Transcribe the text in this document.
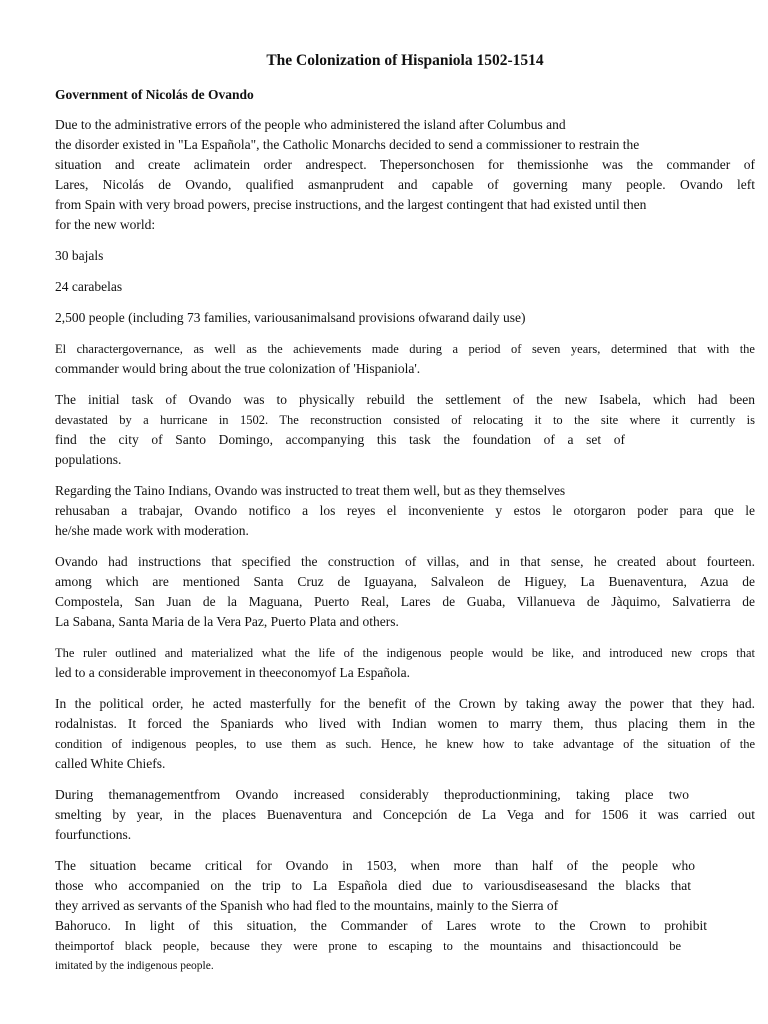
The Colonization of Hispaniola 1502-1514
Government of Nicolás de Ovando
Due to the administrative errors of the people who administered the island after Columbus and
the disorder existed in "La Española", the Catholic Monarchs decided to send a commissioner to restrain the
situation and create aclimatein order andrespect. Thepersonchosen for themissionhe was the commander of
Lares, Nicolás de Ovando, qualified asmanprudent and capable of governing many people. Ovando left
from Spain with very broad powers, precise instructions, and the largest contingent that had existed until then
for the new world:
30 bajals
24 carabelas
2,500 people (including 73 families, variousanimalsand provisions ofwarand daily use)
El charactergovernance, as well as the achievements made during a period of seven years, determined that with the
commander would bring about the true colonization of 'Hispaniola'.
The initial task of Ovando was to physically rebuild the settlement of the new Isabela, which had been
devastated by a hurricane in 1502. The reconstruction consisted of relocating it to the site where it currently is
find the city of Santo Domingo, accompanying this task the foundation of a set of
populations.
Regarding the Taino Indians, Ovando was instructed to treat them well, but as they themselves
rehusaban a trabajar, Ovando notifico a los reyes el inconveniente y estos le otorgaron poder para que le
he/she made work with moderation.
Ovando had instructions that specified the construction of villas, and in that sense, he created about fourteen.
among which are mentioned Santa Cruz de Iguayana, Salvaleon de Higuey, La Buenaventura, Azua de
Compostela, San Juan de la Maguana, Puerto Real, Lares de Guaba, Villanueva de Jàquimo, Salvatierra de
La Sabana, Santa Maria de la Vera Paz, Puerto Plata and others.
The ruler outlined and materialized what the life of the indigenous people would be like, and introduced new crops that
led to a considerable improvement in theeconomyof La Española.
In the political order, he acted masterfully for the benefit of the Crown by taking away the power that they had.
rodalnistas. It forced the Spaniards who lived with Indian women to marry them, thus placing them in the
condition of indigenous peoples, to use them as such. Hence, he knew how to take advantage of the situation of the
called White Chiefs.
During themanagementfrom Ovando increased considerably theproductionmining, taking place two
smelting by year, in the places Buenaventura and Concepción de La Vega and for 1506 it was carried out
fourfunctions.
The situation became critical for Ovando in 1503, when more than half of the people who
those who accompanied on the trip to La Española died due to variousdiseasesand the blacks that
they arrived as servants of the Spanish who had fled to the mountains, mainly to the Sierra of
Bahoruco. In light of this situation, the Commander of Lares wrote to the Crown to prohibit
theimportof black people, because they were prone to escaping to the mountains and thisactioncould be
imitated by the indigenous people.
